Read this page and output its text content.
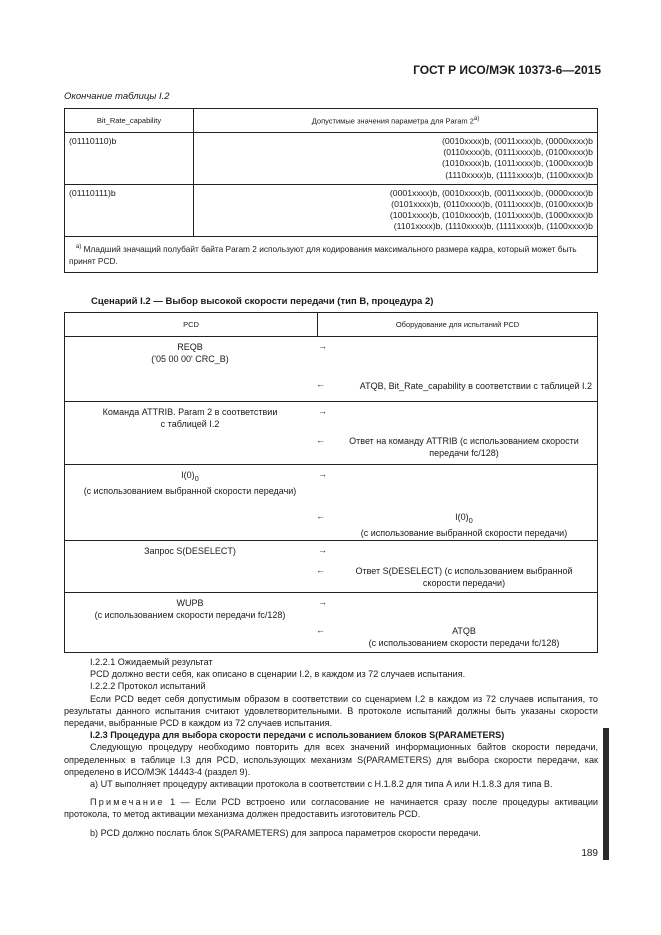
ГОСТ Р ИСО/МЭК 10373-6—2015
Окончание таблицы I.2
Bit_Rate_capability	Допустимые значения параметра для Param 2$^{a)}$
(01110110)b	(0010xxxx)b, (0011xxxx)b, (0000xxxx)b
(0110xxxx)b, (0111xxxx)b, (0100xxxx)b
(1010xxxx)b, (1011xxxx)b, (1000xxxx)b
(1110xxxx)b, (1111xxxx)b, (1100xxxx)b

(01110111)b	(0001xxxx)b, (0010xxxx)b, (0011xxxx)b, (0000xxxx)b
(0101xxxx)b, (0110xxxx)b, (0111xxxx)b, (0100xxxx)b
(1001xxxx)b, (1010xxxx)b, (1011xxxx)b, (1000xxxx)b
(1101xxxx)b, (1110xxxx)b, (1111xxxx)b, (1100xxxx)b

$^{a)}$ Младший значащий полубайт байта Param 2 используют для кодирования максимального размера кадра, который может быть принят PCD.	
Сценарий I.2 — Выбор высокой скорости передачи (тип B, процедура 2)
PCD	Оборудование для испытаний PCD

REQB
('05 00 00' CRC_B)
→
←	ATQB, Bit_Rate_capability в соответствии с таблицей I.2

Команда ATTRIB. Param 2 в соответствии
с таблицей I.2
→
←	Ответ на команду ATTRIB (с использованием скорости
передачи fc/128)

$I(0)_0$
(с использованием выбранной скорости передачи)
→
←	$I(0)_0$
(с использование выбранной скорости передачи)

Запрос S(DESELECT)	→
←	Ответ S(DESELECT) (с использованием выбранной
скорости передачи)

WUPB
(с использованием скорости передачи fc/128)
→
←	ATQB
(с использованием скорости передачи fc/128)

I.2.2.1 Ожидаемый результат

PCD должно вести себя, как описано в сценарии I.2, в каждом из 72 случаев испытания.

I.2.2.2 Протокол испытаний

Если PCD ведет себя допустимым образом в соответствии со сценарием I.2 в каждом из 72 случаев испытания, то результаты данного испытания считают удовлетворительными. В протоколе испытаний должны быть указаны скорости передачи, выбранные PCD в каждом из 72 случаев испытания.

I.2.3 Процедура для выбора скорости передачи с использованием блоков S(PARAMETERS)

Следующую процедуру необходимо повторить для всех значений информационных байтов скорости передачи, определенных в таблице I.3 для PCD, использующих механизм S(PARAMETERS) для выбора скорости передачи, как определено в ИСО/МЭК 14443-4 (раздел 9).

a) UT выполняет процедуру активации протокола в соответствии с H.1.8.2 для типа A или H.1.8.3 для типа B.

Примечание 1 — Если PCD встроено или согласование не начинается сразу после процедуры активации протокола, то метод активации механизма должен предоставить изготовитель PCD.

b) PCD должно послать блок S(PARAMETERS) для запроса параметров скорости передачи.

189
